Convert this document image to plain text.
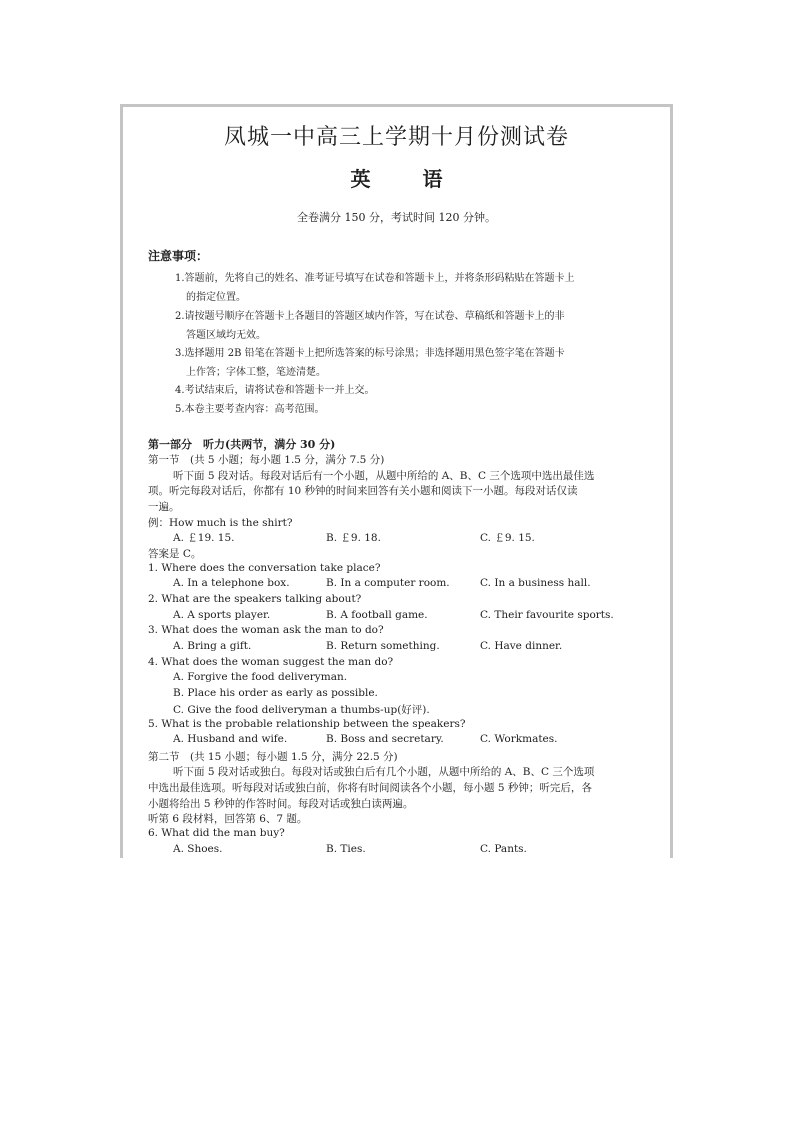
凤城一中高三上学期十月份测试卷
英	语
全卷满分 150 分，考试时间 120 分钟。
注意事项：
1.答题前，先将自己的姓名、准考证号填写在试卷和答题卡上，并将条形码粘贴在答题卡上
的指定位置。
2.请按题号顺序在答题卡上各题目的答题区域内作答，写在试卷、草稿纸和答题卡上的非
答题区域均无效。
3.选择题用 2B 铅笔在答题卡上把所选答案的标号涂黑；非选择题用黑色签字笔在答题卡
上作答；字体工整，笔迹清楚。
4.考试结束后，请将试卷和答题卡一并上交。
5.本卷主要考查内容：高考范围。
第一部分　听力(共两节，满分 30 分)
第一节　(共 5 小题；每小题 1.5 分，满分 7.5 分)
听下面 5 段对话。每段对话后有一个小题，从题中所给的 A、B、C 三个选项中选出最佳选
项。听完每段对话后，你都有 10 秒钟的时间来回答有关小题和阅读下一小题。每段对话仅读
一遍。
例：How much is the shirt?
A. ￡19. 15.	B. ￡9. 18.	C. ￡9. 15.
答案是 C。
1. Where does the conversation take place?
A. In a telephone box.	B. In a computer room.	C. In a business hall.
2. What are the speakers talking about?
A. A sports player.	B. A football game.	C. Their favourite sports.
3. What does the woman ask the man to do?
A. Bring a gift.	B. Return something.	C. Have dinner.
4. What does the woman suggest the man do?
A. Forgive the food deliveryman.
B. Place his order as early as possible.
C. Give the food deliveryman a thumbs-up(好评).
5. What is the probable relationship between the speakers?
A. Husband and wife.	B. Boss and secretary.	C. Workmates.
第二节　(共 15 小题；每小题 1.5 分，满分 22.5 分)
听下面 5 段对话或独白。每段对话或独白后有几个小题，从题中所给的 A、B、C 三个选项
中选出最佳选项。听每段对话或独白前，你将有时间阅读各个小题，每小题 5 秒钟；听完后，各
小题将给出 5 秒钟的作答时间。每段对话或独白读两遍。
听第 6 段材料，回答第 6、7 题。
6. What did the man buy?
A. Shoes.	B. Ties.	C. Pants.
